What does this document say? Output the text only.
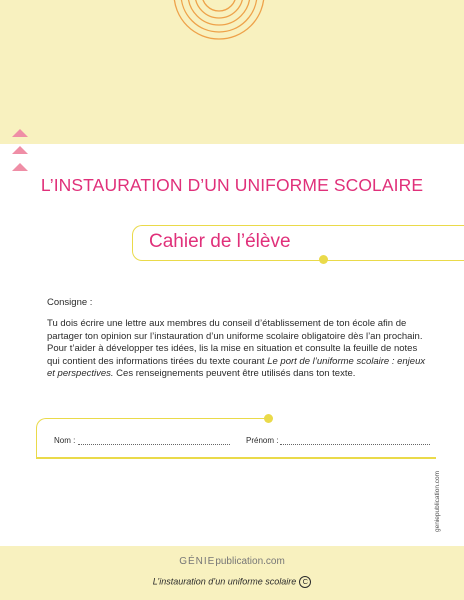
L’INSTAURATION D’UN UNIFORME SCOLAIRE
Cahier de l’élève
Consigne :
Tu dois écrire une lettre aux membres du conseil d’établissement de ton école afin de partager ton opinion sur l’instauration d’un uniforme scolaire obligatoire dès l’an prochain. Pour t’aider à développer tes idées, lis la mise en situation et consulte la feuille de notes qui contient des informations tirées du texte courant Le port de l’uniforme scolaire : enjeux et perspectives. Ces renseignements peuvent être utilisés dans ton texte.
Nom :	Prénom :
geniepublication.com
GÉNIEpublication.com
L’instauration d’un uniforme scolaire C
